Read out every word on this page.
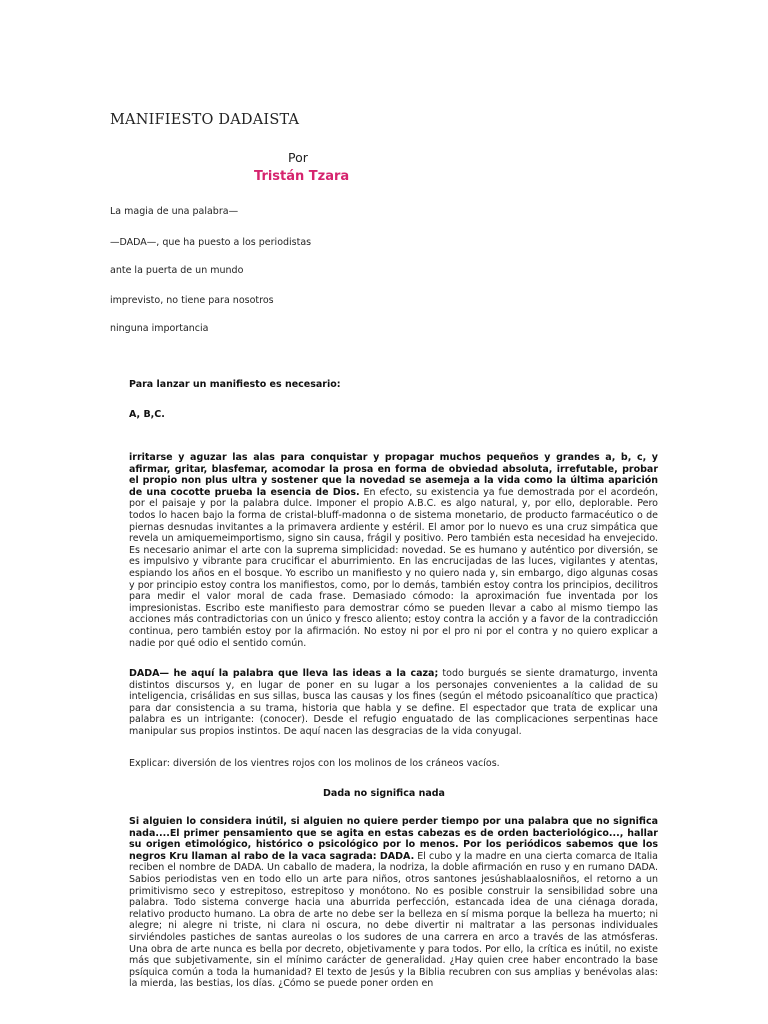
MANIFIESTO DADAISTA
Por
Tristán Tzara
La magia de una palabra—
—DADA—, que ha puesto a los periodistas
ante la puerta de un mundo
imprevisto, no tiene para nosotros
ninguna importancia
Para lanzar un manifiesto es necesario:
A, B,C.

irritarse y aguzar las alas para conquistar y propagar muchos pequeños y grandes a, b, c, y afirmar, gritar, blasfemar, acomodar la prosa en forma de obviedad absoluta, irrefutable, probar el propio non plus ultra y sostener que la novedad se asemeja a la vida como la última aparición de una cocotte prueba la esencia de Dios. En efecto, su existencia ya fue demostrada por el acordeón, por el paisaje y por la palabra dulce. Imponer el propio A.B.C. es algo natural, y, por ello, deplorable. Pero todos lo hacen bajo la forma de cristal-bluff-madonna o de sistema monetario, de producto farmacéutico o de piernas desnudas invitantes a la primavera ardiente y estéril. El amor por lo nuevo es una cruz simpática que revela un amiquemeimportismo, signo sin causa, frágil y positivo. Pero también esta necesidad ha envejecido. Es necesario animar el arte con la suprema simplicidad: novedad. Se es humano y auténtico por diversión, se es impulsivo y vibrante para crucificar el aburrimiento. En las encrucijadas de las luces, vigilantes y atentas, espiando los años en el bosque. Yo escribo un manifiesto y no quiero nada y, sin embargo, digo algunas cosas y por principio estoy contra los manifiestos, como, por lo demás, también estoy contra los principios, decilitros para medir el valor moral de cada frase. Demasiado cómodo: la aproximación fue inventada por los impresionistas. Escribo este manifiesto para demostrar cómo se pueden llevar a cabo al mismo tiempo las acciones más contradictorias con un único y fresco aliento; estoy contra la acción y a favor de la contradicción continua, pero también estoy por la afirmación. No estoy ni por el pro ni por el contra y no quiero explicar a nadie por qué odio el sentido común.

DADA— he aquí la palabra que lleva las ideas a la caza; todo burgués se siente dramaturgo, inventa distintos discursos y, en lugar de poner en su lugar a los personajes convenientes a la calidad de su inteligencia, crisálidas en sus sillas, busca las causas y los fines (según el método psicoanalítico que practica) para dar consistencia a su trama, historia que habla y se define. El espectador que trata de explicar una palabra es un intrigante: (conocer). Desde el refugio enguatado de las complicaciones serpentinas hace manipular sus propios instintos. De aquí nacen las desgracias de la vida conyugal.

Explicar: diversión de los vientres rojos con los molinos de los cráneos vacíos.
Dada no significa nada

Si alguien lo considera inútil, si alguien no quiere perder tiempo por una palabra que no significa nada....El primer pensamiento que se agita en estas cabezas es de orden bacteriológico..., hallar su origen etimológico, histórico o psicológico por lo menos. Por los periódicos sabemos que los negros Kru llaman al rabo de la vaca sagrada: DADA. El cubo y la madre en una cierta comarca de Italia reciben el nombre de DADA. Un caballo de madera, la nodriza, la doble afirmación en ruso y en rumano DADA. Sabios periodistas ven en todo ello un arte para niños, otros santones jesúshablaalosniños, el retorno a un primitivismo seco y estrepitoso, estrepitoso y monótono. No es posible construir la sensibilidad sobre una palabra. Todo sistema converge hacia una aburrida perfección, estancada idea de una ciénaga dorada, relativo producto humano. La obra de arte no debe ser la belleza en sí misma porque la belleza ha muerto; ni alegre; ni alegre ni triste, ni clara ni oscura, no debe divertir ni maltratar a las personas individuales sirviéndoles pastiches de santas aureolas o los sudores de una carrera en arco a través de las atmósferas. Una obra de arte nunca es bella por decreto, objetivamente y para todos. Por ello, la crítica es inútil, no existe más que subjetivamente, sin el mínimo carácter de generalidad. ¿Hay quien cree haber encontrado la base psíquica común a toda la humanidad? El texto de Jesús y la Biblia recubren con sus amplias y benévolas alas: la mierda, las bestias, los días. ¿Cómo se puede poner orden en
